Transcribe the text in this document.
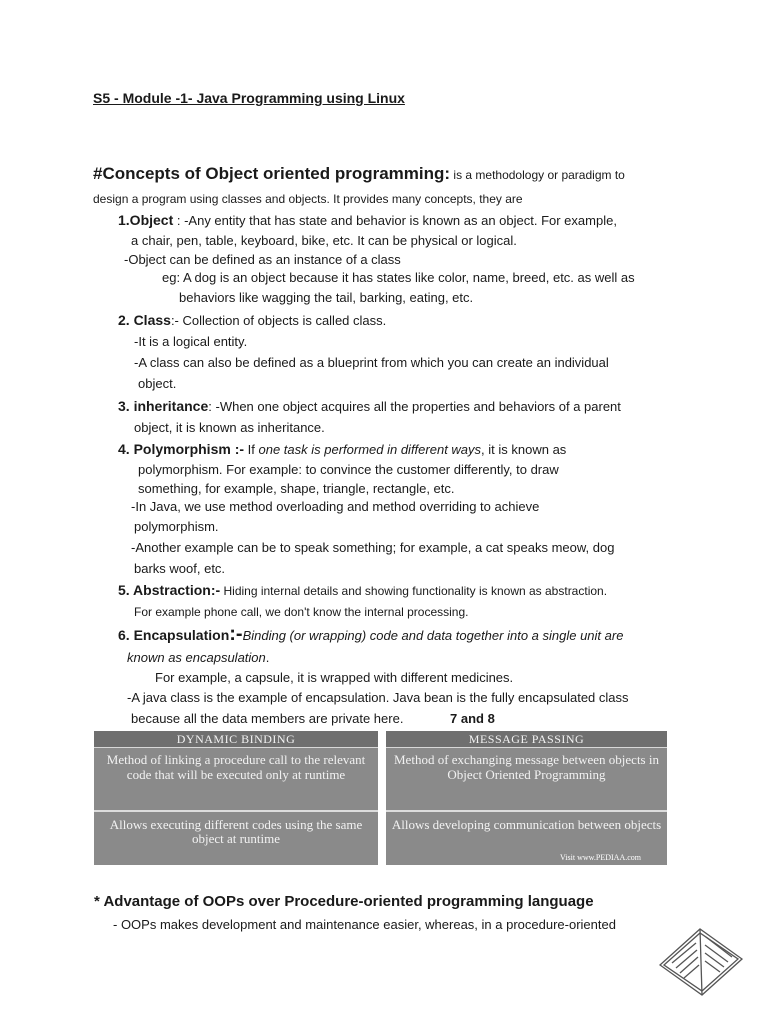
S5 - Module -1- Java Programming using Linux
#Concepts of Object oriented programming: is a methodology or paradigm to
design a program using classes and objects. It provides many concepts, they are
1.Object : -Any entity that has state and behavior is known as an object. For example,
a chair, pen, table, keyboard, bike, etc. It can be physical or logical.
-Object can be defined as an instance of a class
eg: A dog is an object because it has states like color, name, breed, etc. as well as
behaviors like wagging the tail, barking, eating, etc.
2. Class:- Collection of objects is called class.
-It is a logical entity.
-A class can also be defined as a blueprint from which you can create an individual
object.
3. inheritance: -When one object acquires all the properties and behaviors of a parent
object, it is known as inheritance.
4. Polymorphism :- If one task is performed in different ways, it is known as
polymorphism. For example: to convince the customer differently, to draw
something, for example, shape, triangle, rectangle, etc.
-In Java, we use method overloading and method overriding to achieve
polymorphism.
-Another example can be to speak something; for example, a cat speaks meow, dog
barks woof, etc.
5. Abstraction:- Hiding internal details and showing functionality is known as abstraction.
For example phone call, we don't know the internal processing.
6. Encapsulation:-Binding (or wrapping) code and data together into a single unit are
known as encapsulation.
For example, a capsule, it is wrapped with different medicines.
-A java class is the example of encapsulation. Java bean is the fully encapsulated class
because all the data members are private here.	7 and 8
DYNAMIC BINDING
Method of linking a procedure call to the relevant code that will be executed only at runtime
Allows executing different codes using the same object at runtime
MESSAGE PASSING
Method of exchanging message between objects in Object Oriented Programming
Allows developing communication between objects
Visit www.PEDIAA.com
* Advantage of OOPs over Procedure-oriented programming language
- OOPs makes development and maintenance easier, whereas, in a procedure-oriented
